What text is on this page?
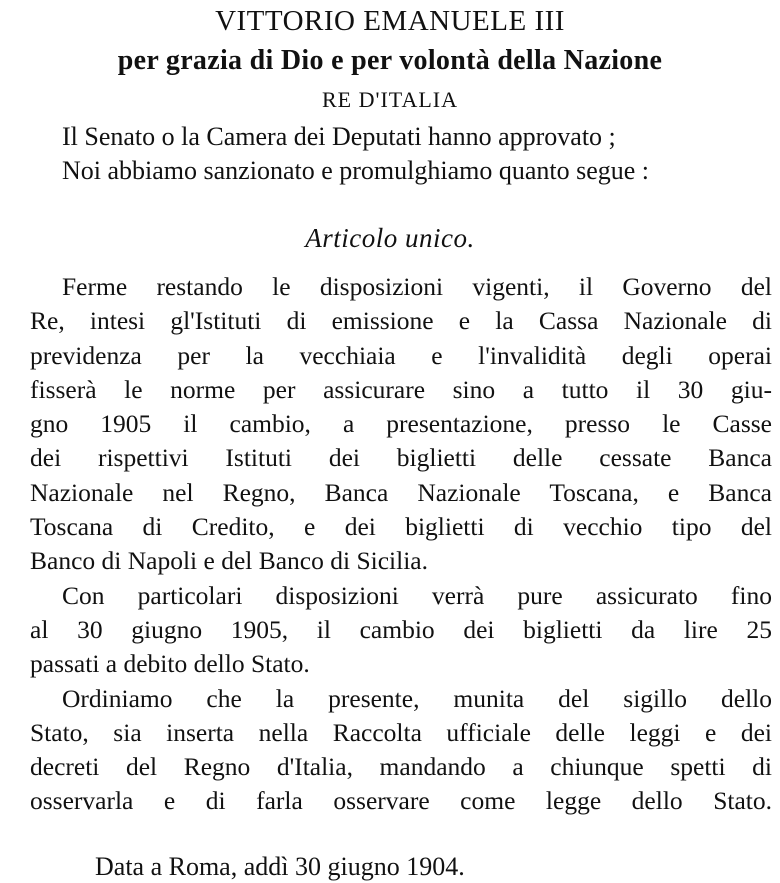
VITTORIO EMANUELE III
per grazia di Dio e per volontà della Nazione
RE D'ITALIA
Il Senato o la Camera dei Deputati hanno approvato ;
Noi abbiamo sanzionato e promulghiamo quanto segue :
Articolo unico.
Ferme restando le disposizioni vigenti, il Governo del
Re, intesi gl'Istituti di emissione e la Cassa Nazionale di
previdenza per la vecchiaia e l'invalidità degli operai
fisserà le norme per assicurare sino a tutto il 30 giu-
gno 1905 il cambio, a presentazione, presso le Casse
dei rispettivi Istituti dei biglietti delle cessate Banca
Nazionale nel Regno, Banca Nazionale Toscana, e Banca
Toscana di Credito, e dei biglietti di vecchio tipo del
Banco di Napoli e del Banco di Sicilia.
Con particolari disposizioni verrà pure assicurato fino
al 30 giugno 1905, il cambio dei biglietti da lire 25
passati a debito dello Stato.
Ordiniamo che la presente, munita del sigillo dello
Stato, sia inserta nella Raccolta ufficiale delle leggi e dei
decreti del Regno d'Italia, mandando a chiunque spetti di
osservarla e di farla osservare come legge dello Stato.
Data a Roma, addì 30 giugno 1904.
